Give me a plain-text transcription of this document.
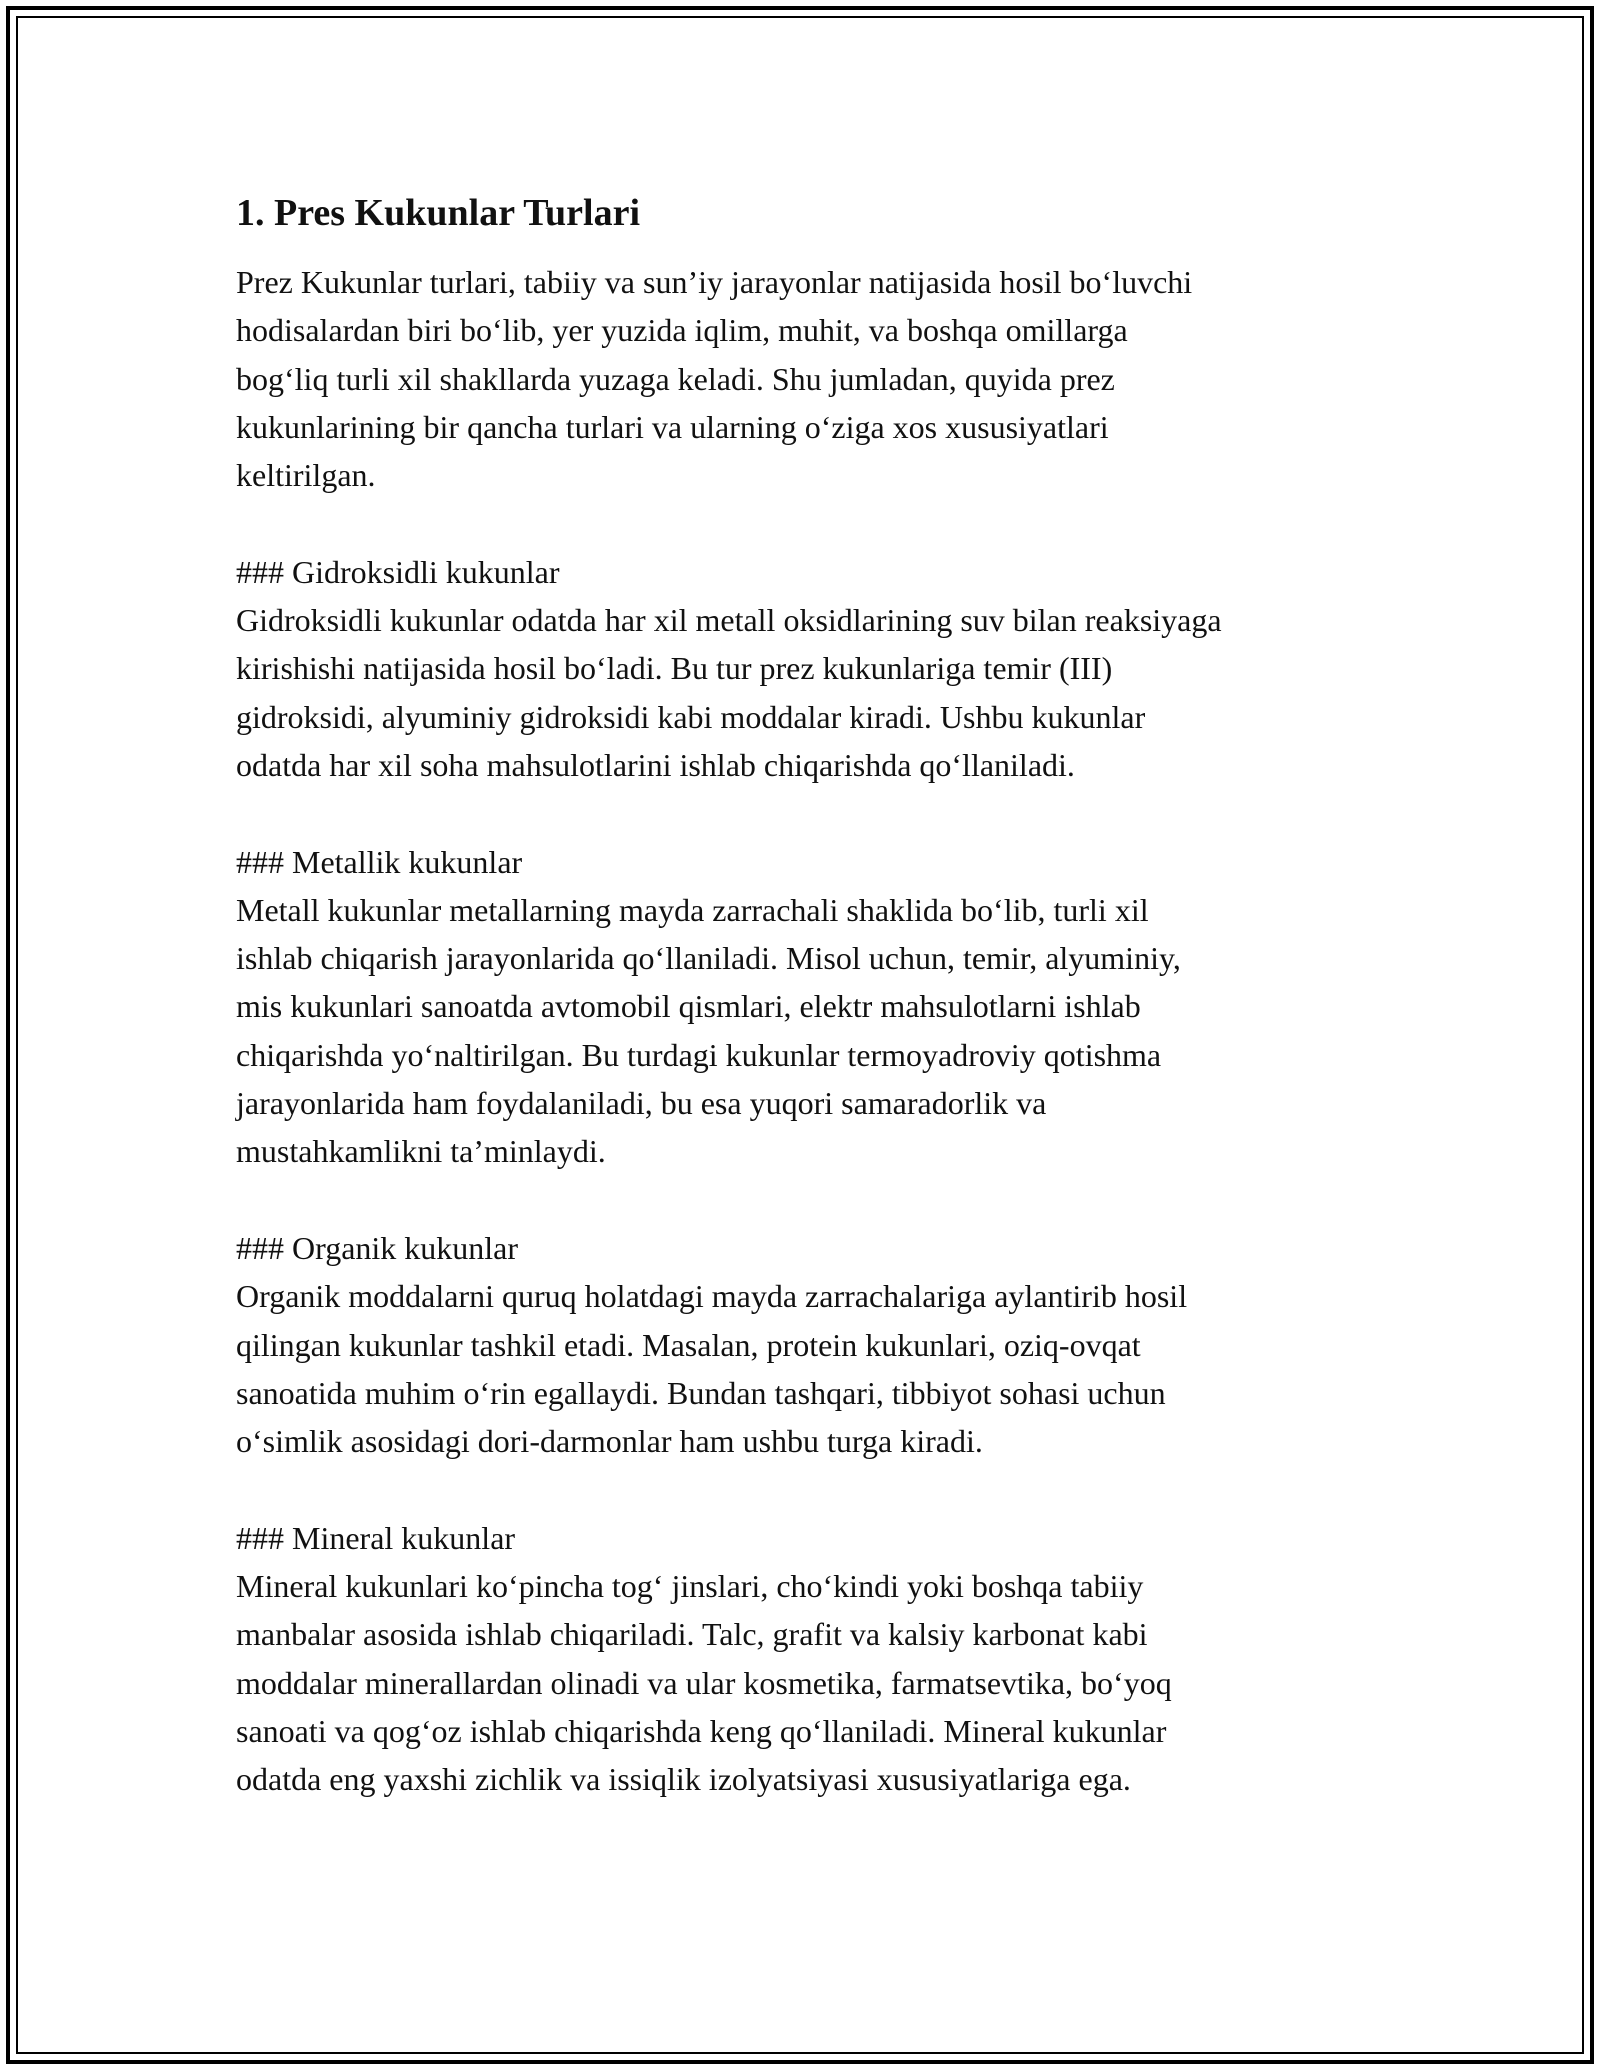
1. Pres Kukunlar Turlari

Prez Kukunlar turlari, tabiiy va sun’iy jarayonlar natijasida hosil bo‘luvchi
hodisalardan biri bo‘lib, yer yuzida iqlim, muhit, va boshqa omillarga
bog‘liq turli xil shakllarda yuzaga keladi. Shu jumladan, quyida prez
kukunlarining bir qancha turlari va ularning o‘ziga xos xususiyatlari
keltirilgan.

### Gidroksidli kukunlar

Gidroksidli kukunlar odatda har xil metall oksidlarining suv bilan reaksiyaga
kirishishi natijasida hosil bo‘ladi. Bu tur prez kukunlariga temir (III)
gidroksidi, alyuminiy gidroksidi kabi moddalar kiradi. Ushbu kukunlar
odatda har xil soha mahsulotlarini ishlab chiqarishda qo‘llaniladi.

### Metallik kukunlar

Metall kukunlar metallarning mayda zarrachali shaklida bo‘lib, turli xil
ishlab chiqarish jarayonlarida qo‘llaniladi. Misol uchun, temir, alyuminiy,
mis kukunlari sanoatda avtomobil qismlari, elektr mahsulotlarni ishlab
chiqarishda yo‘naltirilgan. Bu turdagi kukunlar termoyadroviy qotishma
jarayonlarida ham foydalaniladi, bu esa yuqori samaradorlik va
mustahkamlikni ta’minlaydi.

### Organik kukunlar

Organik moddalarni quruq holatdagi mayda zarrachalariga aylantirib hosil
qilingan kukunlar tashkil etadi. Masalan, protein kukunlari, oziq-ovqat
sanoatida muhim o‘rin egallaydi. Bundan tashqari, tibbiyot sohasi uchun
o‘simlik asosidagi dori-darmonlar ham ushbu turga kiradi.

### Mineral kukunlar

Mineral kukunlari ko‘pincha tog‘ jinslari, cho‘kindi yoki boshqa tabiiy
manbalar asosida ishlab chiqariladi. Talc, grafit va kalsiy karbonat kabi
moddalar minerallardan olinadi va ular kosmetika, farmatsevtika, bo‘yoq
sanoati va qog‘oz ishlab chiqarishda keng qo‘llaniladi. Mineral kukunlar
odatda eng yaxshi zichlik va issiqlik izolyatsiyasi xususiyatlariga ega.
